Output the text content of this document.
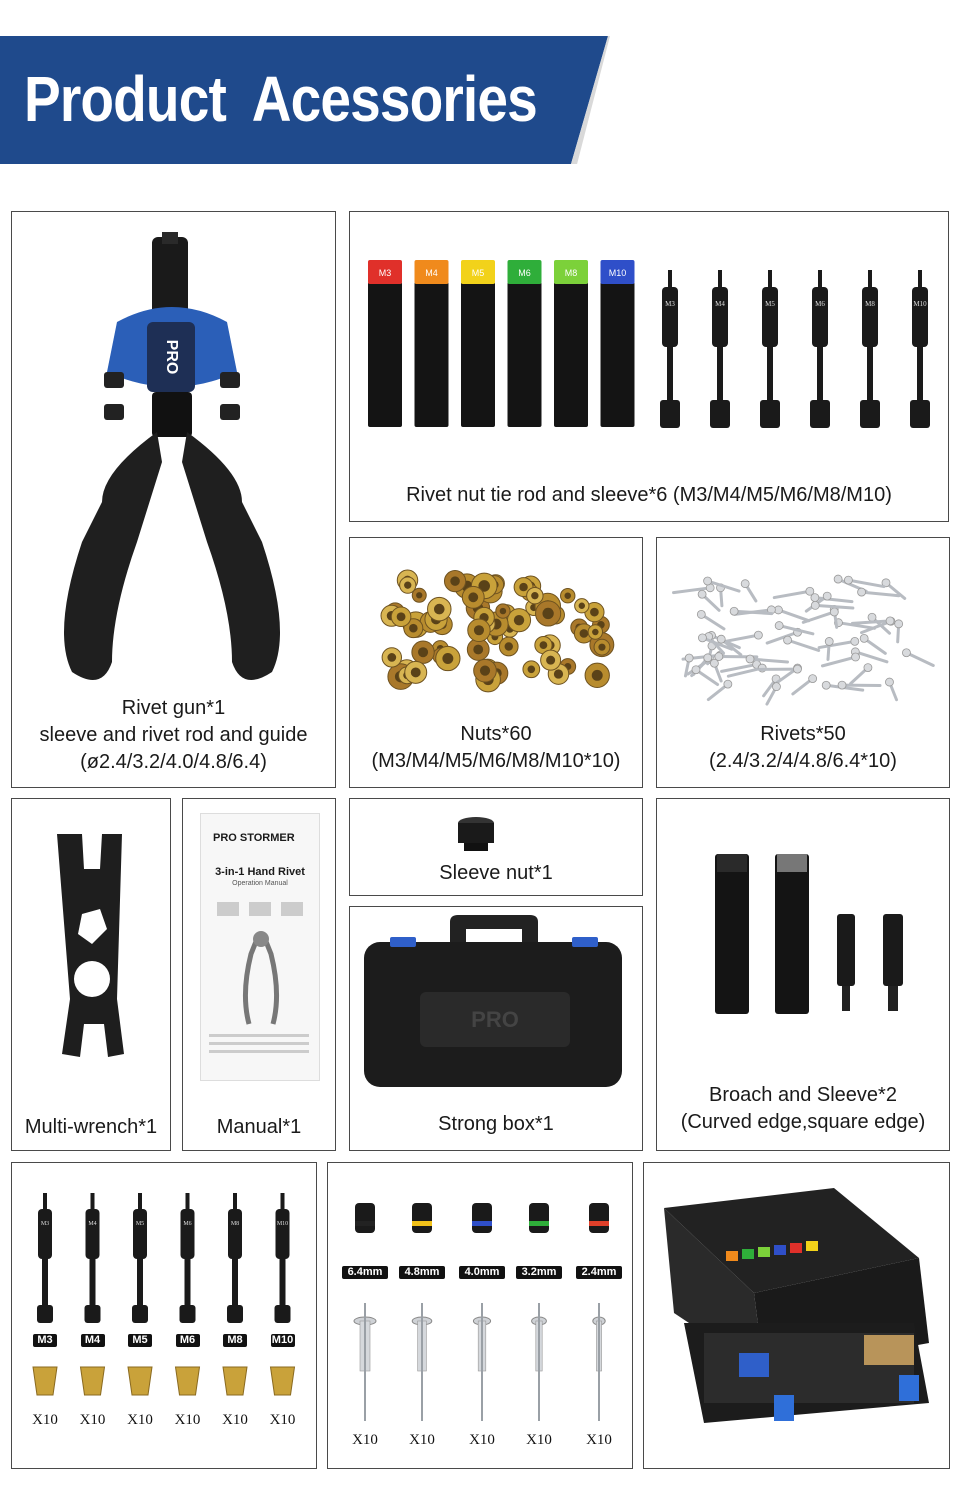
Product Acessories
PRO
Rivet gun*1
sleeve and rivet rod and guide
(ø2.4/3.2/4.0/4.8/6.4)
M3	M4	M5	M6	M8	M10
M3	M4	M5	M6	M8	M10
Rivet nut tie rod and sleeve*6 (M3/M4/M5/M6/M8/M10)
Nuts*60
(M3/M4/M5/M6/M8/M10*10)
Rivets*50
(2.4/3.2/4/4.8/6.4*10)
Multi-wrench*1
PRO STORMER
3-in-1 Hand Rivet
Operation Manual
Manual*1
Sleeve nut*1
PRO
Strong box*1
Broach and Sleeve*2
(Curved edge,square edge)
M3	M4	M5	M6	M8	M10
M3
X10
M4
X10
M5
X10
M6
X10
M8
X10
M10
X10
6.4mm
X10
4.8mm
X10
4.0mm
X10
3.2mm
X10
2.4mm
X10
